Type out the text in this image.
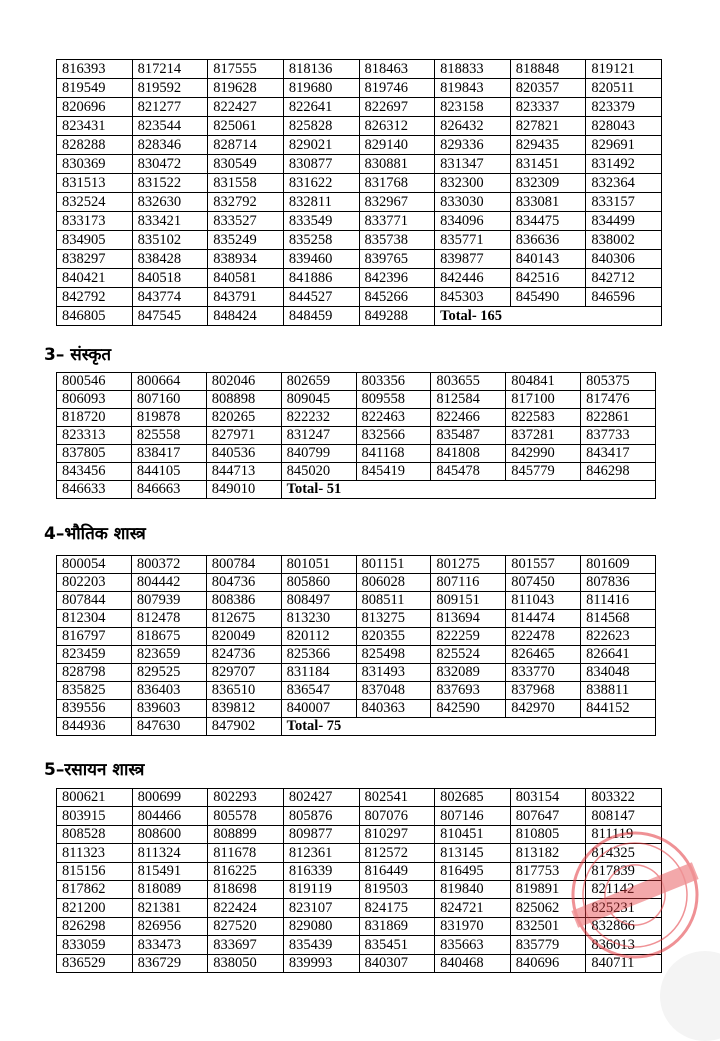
816393	817214	817555	818136	818463	818833	818848	819121
819549	819592	819628	819680	819746	819843	820357	820511
820696	821277	822427	822641	822697	823158	823337	823379
823431	823544	825061	825828	826312	826432	827821	828043
828288	828346	828714	829021	829140	829336	829435	829691
830369	830472	830549	830877	830881	831347	831451	831492
831513	831522	831558	831622	831768	832300	832309	832364
832524	832630	832792	832811	832967	833030	833081	833157
833173	833421	833527	833549	833771	834096	834475	834499
834905	835102	835249	835258	835738	835771	836636	838002
838297	838428	838934	839460	839765	839877	840143	840306
840421	840518	840581	841886	842396	842446	842516	842712
842792	843774	843791	844527	845266	845303	845490	846596
846805	847545	848424	848459	849288	Total- 165		
3– संस्कृत
800546	800664	802046	802659	803356	803655	804841	805375
806093	807160	808898	809045	809558	812584	817100	817476
818720	819878	820265	822232	822463	822466	822583	822861
823313	825558	827971	831247	832566	835487	837281	837733
837805	838417	840536	840799	841168	841808	842990	843417
843456	844105	844713	845020	845419	845478	845779	846298
846633	846663	849010	Total- 51				
4–भौतिक शास्त्र
800054	800372	800784	801051	801151	801275	801557	801609
802203	804442	804736	805860	806028	807116	807450	807836
807844	807939	808386	808497	808511	809151	811043	811416
812304	812478	812675	813230	813275	813694	814474	814568
816797	818675	820049	820112	820355	822259	822478	822623
823459	823659	824736	825366	825498	825524	826465	826641
828798	829525	829707	831184	831493	832089	833770	834048
835825	836403	836510	836547	837048	837693	837968	838811
839556	839603	839812	840007	840363	842590	842970	844152
844936	847630	847902	Total- 75				
5–रसायन शास्त्र
800621	800699	802293	802427	802541	802685	803154	803322
803915	804466	805578	805876	807076	807146	807647	808147
808528	808600	808899	809877	810297	810451	810805	811119
811323	811324	811678	812361	812572	813145	813182	814325
815156	815491	816225	816339	816449	816495	817753	817839
817862	818089	818698	819119	819503	819840	819891	821142
821200	821381	822424	823107	824175	824721	825062	825231
826298	826956	827520	829080	831869	831970	832501	832866
833059	833473	833697	835439	835451	835663	835779	836013
836529	836729	838050	839993	840307	840468	840696	840711
